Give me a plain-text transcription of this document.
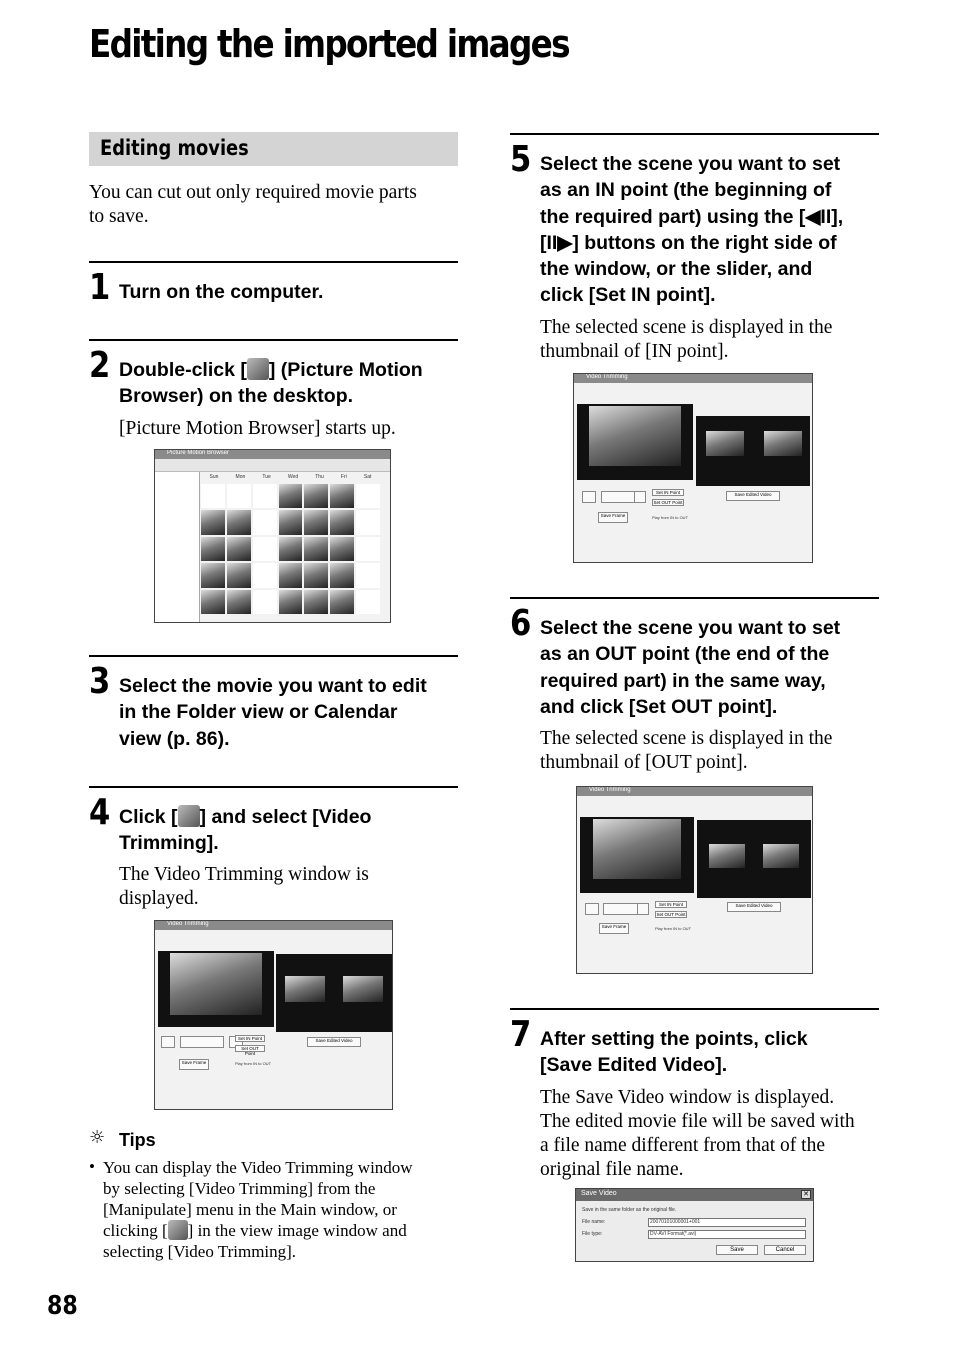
Editing the imported images
Editing movies
You can cut out only required movie parts
to save.
1 Turn on the computer.
2 Double-click [ ] (Picture Motion
Browser) on the desktop.
[Picture Motion Browser] starts up.
Picture Motion Browser
Sun	Mon	Tue	Wed	Thu	Fri	Sat
3 Select the movie you want to edit
in the Folder view or Calendar
view (p. 86).
4 Click [ ] and select [Video
Trimming].
The Video Trimming window is
displayed.
Video Trimming
Set IN Point
Set OUT Point
Save Edited Video
Save Frame	Play from IN to OUT
☼ Tips
• You can display the Video Trimming window
by selecting [Video Trimming] from the
[Manipulate] menu in the Main window, or
clicking [ ] in the view image window and
selecting [Video Trimming].
88
5 Select the scene you want to set
as an IN point (the beginning of
the required part) using the [◀II],
[II▶] buttons on the right side of
the window, or the slider, and
click [Set IN point].
The selected scene is displayed in the
thumbnail of [IN point].
Video Trimming
Set IN Point
Set OUT Point
Save Edited Video
Save Frame	Play from IN to OUT
6 Select the scene you want to set
as an OUT point (the end of the
required part) in the same way,
and click [Set OUT point].
The selected scene is displayed in the
thumbnail of [OUT point].
Video Trimming
Set IN Point
Set OUT Point
Save Edited Video
Save Frame	Play from IN to OUT
7 After setting the points, click
[Save Edited Video].
The Save Video window is displayed.
The edited movie file will be saved with
a file name different from that of the
original file name.
Save Video	✕
Save in the same folder as the original file.
File name:	20070101000001+001
File type:	DV-AVI Format(*.avi)
Save	Cancel
